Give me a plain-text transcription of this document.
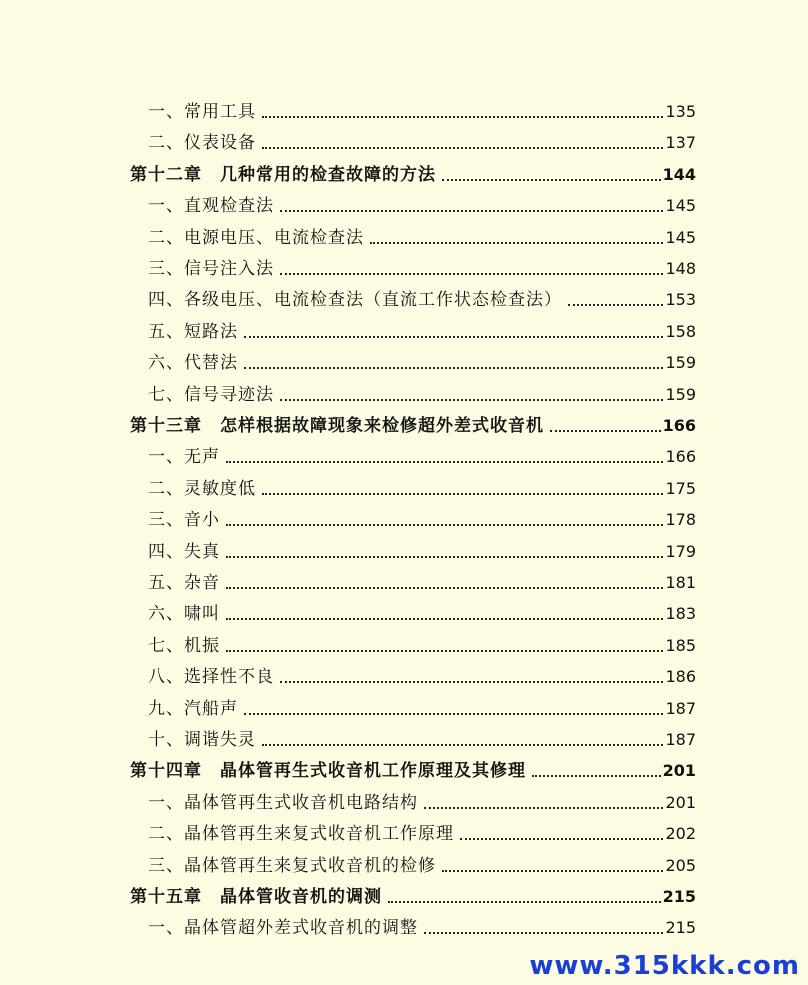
一、常用工具	135
二、仪表设备	137
第十二章　几种常用的检查故障的方法	144
一、直观检查法	145
二、电源电压、电流检查法	145
三、信号注入法	148
四、各级电压、电流检查法（直流工作状态检查法）	153
五、短路法	158
六、代替法	159
七、信号寻迹法	159
第十三章　怎样根据故障现象来检修超外差式收音机	166
一、无声	166
二、灵敏度低	175
三、音小	178
四、失真	179
五、杂音	181
六、啸叫	183
七、机振	185
八、选择性不良	186
九、汽船声	187
十、调谐失灵	187
第十四章　晶体管再生式收音机工作原理及其修理	201
一、晶体管再生式收音机电路结构	201
二、晶体管再生来复式收音机工作原理	202
三、晶体管再生来复式收音机的检修	205
第十五章　晶体管收音机的调测	215
一、晶体管超外差式收音机的调整	215
www.315kkk.com
